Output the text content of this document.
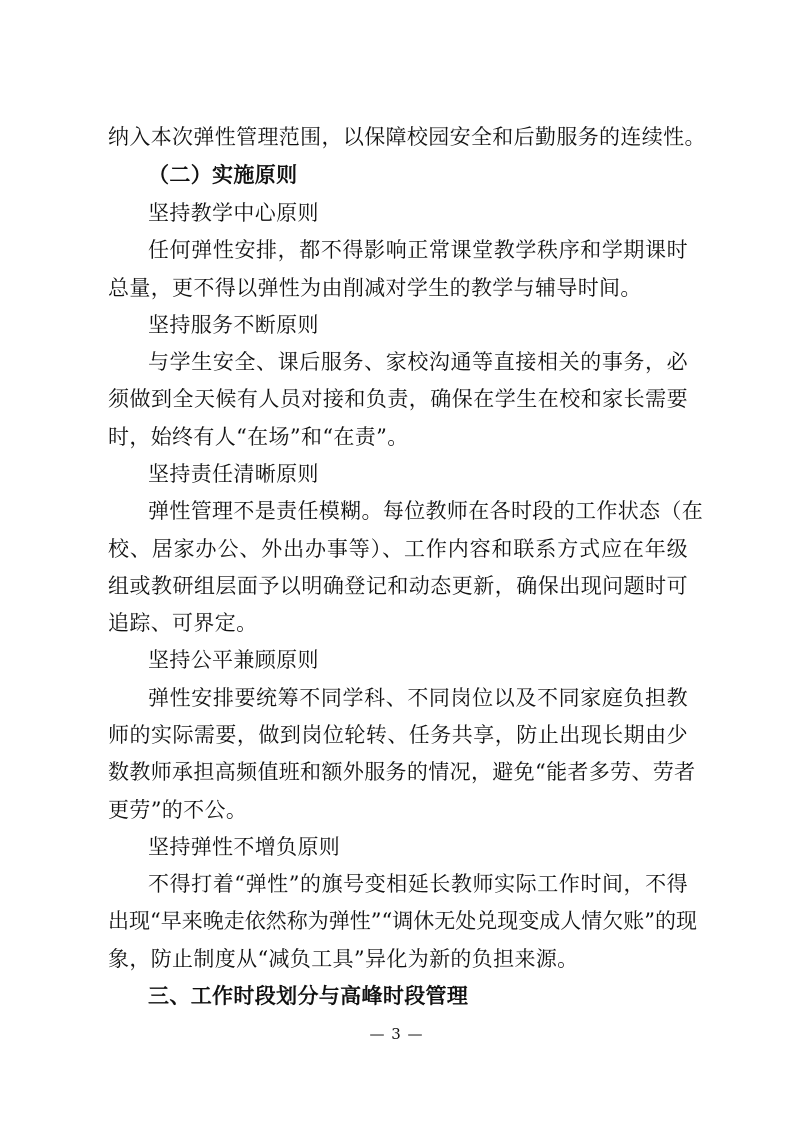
纳入本次弹性管理范围，以保障校园安全和后勤服务的连续性。
（二）实施原则
坚持教学中心原则
任何弹性安排，都不得影响正常课堂教学秩序和学期课时
总量，更不得以弹性为由削减对学生的教学与辅导时间。
坚持服务不断原则
与学生安全、课后服务、家校沟通等直接相关的事务，必
须做到全天候有人员对接和负责，确保在学生在校和家长需要
时，始终有人“在场”和“在责”。
坚持责任清晰原则
弹性管理不是责任模糊。每位教师在各时段的工作状态（在
校、居家办公、外出办事等）、工作内容和联系方式应在年级
组或教研组层面予以明确登记和动态更新，确保出现问题时可
追踪、可界定。
坚持公平兼顾原则
弹性安排要统筹不同学科、不同岗位以及不同家庭负担教
师的实际需要，做到岗位轮转、任务共享，防止出现长期由少
数教师承担高频值班和额外服务的情况，避免“能者多劳、劳者
更劳”的不公。
坚持弹性不增负原则
不得打着“弹性”的旗号变相延长教师实际工作时间，不得
出现“早来晚走依然称为弹性”“调休无处兑现变成人情欠账”的现
象，防止制度从“减负工具”异化为新的负担来源。
三、工作时段划分与高峰时段管理
— 3 —
